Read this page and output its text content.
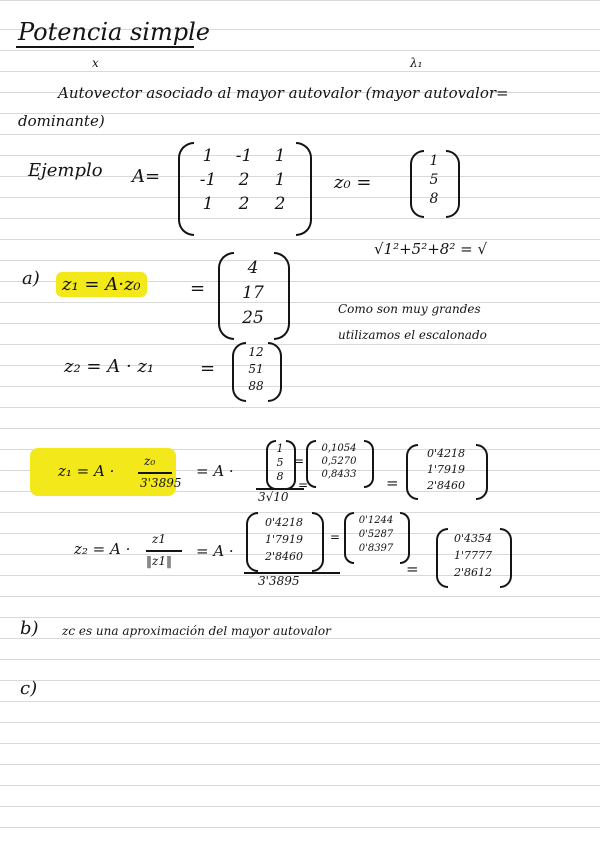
Potencia simple
x	λ₁
Autovector asociado al mayor autovalor (mayor autovalor=
dominante)
Ejemplo A=
1	-1	1
-1	2	1
1	2	2
z₀ =
1
5
8
√1²+5²+8² = √
a)	z₁ = A·z₀	=
4
17
25	Como son muy grandes
utilizamos el escalonado
z₂ = A · z₁	=
12
51
88
z₁ = A ·
z₀
3'3895
= A ·
1
5
8
=
0,1054
0,5270
0,8433
3√10
=	=
0'4218
1'7919
2'8460
z₂ = A ·
z1
‖z1‖
= A ·
0'4218
1'7919
2'8460
=
0'1244
0'5287
0'8397
3'3895
=
0'4354
1'7777
2'8612
b) zc es una aproximación del mayor autovalor
c)
